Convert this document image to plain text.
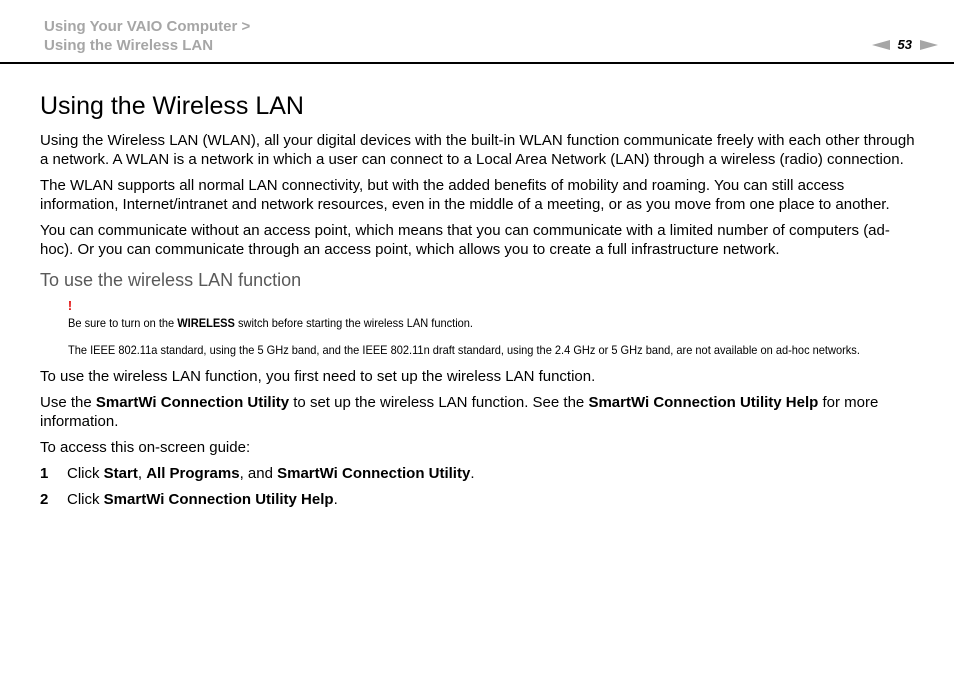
Using Your VAIO Computer >
Using the Wireless LAN	53
Using the Wireless LAN

Using the Wireless LAN (WLAN), all your digital devices with the built-in WLAN function communicate freely with each other through a network. A WLAN is a network in which a user can connect to a Local Area Network (LAN) through a wireless (radio) connection.

The WLAN supports all normal LAN connectivity, but with the added benefits of mobility and roaming. You can still access information, Internet/intranet and network resources, even in the middle of a meeting, or as you move from one place to another.

You can communicate without an access point, which means that you can communicate with a limited number of computers (ad-hoc). Or you can communicate through an access point, which allows you to create a full infrastructure network.

To use the wireless LAN function
!

Be sure to turn on the WIRELESS switch before starting the wireless LAN function.

The IEEE 802.11a standard, using the 5 GHz band, and the IEEE 802.11n draft standard, using the 2.4 GHz or 5 GHz band, are not available on ad-hoc networks.

To use the wireless LAN function, you first need to set up the wireless LAN function.

Use the SmartWi Connection Utility to set up the wireless LAN function. See the SmartWi Connection Utility Help for more information.

To access this on-screen guide:

1	Click Start, All Programs, and SmartWi Connection Utility.
2	Click SmartWi Connection Utility Help.
